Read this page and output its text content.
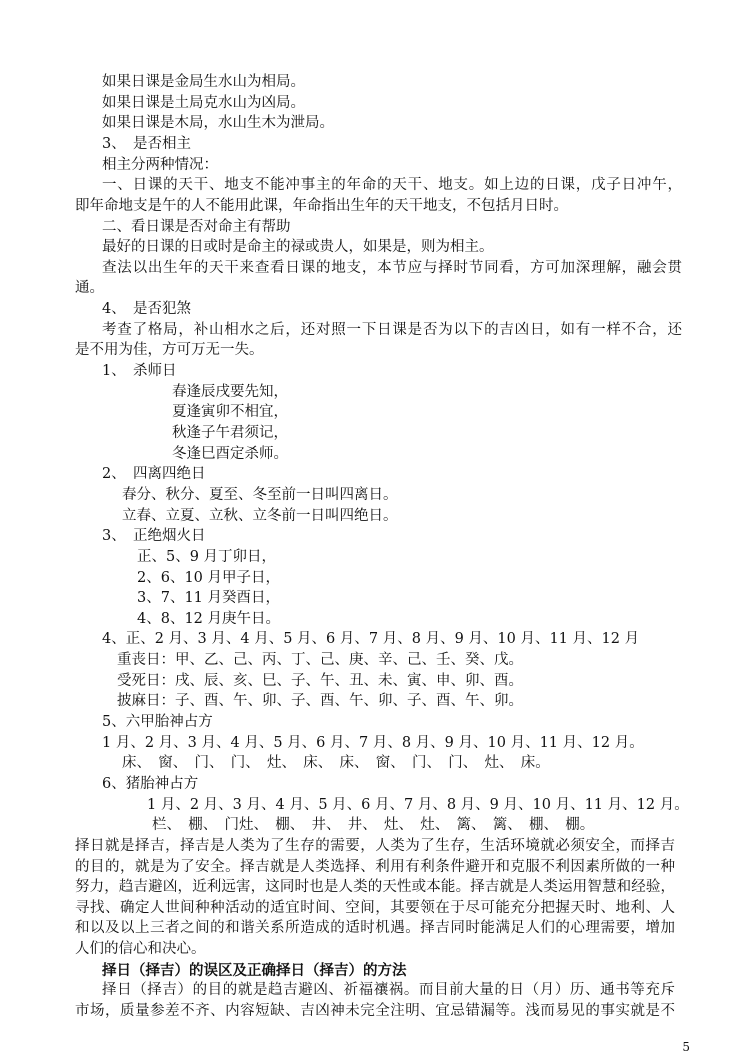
如果日课是金局生水山为相局。
如果日课是土局克水山为凶局。
如果日课是木局，水山生木为泄局。
3、　是否相主
相主分两种情况：
一、日课的天干、地支不能冲事主的年命的天干、地支。如上边的日课，戊子日冲午，
即年命地支是午的人不能用此课，年命指出生年的天干地支，不包括月日时。
二、看日课是否对命主有帮助
最好的日课的日或时是命主的禄或贵人，如果是，则为相主。
查法以出生年的天干来查看日课的地支，本节应与择时节同看，方可加深理解，融会贯
通。
4、　是否犯煞
考查了格局，补山相水之后，还对照一下日课是否为以下的吉凶日，如有一样不合，还
是不用为佳，方可万无一失。
1、　杀师日
春逢辰戌要先知，
夏逢寅卯不相宜，
秋逢子午君须记，
冬逢巳酉定杀师。
2、　四离四绝日
春分、秋分、夏至、冬至前一日叫四离日。
立春、立夏、立秋、立冬前一日叫四绝日。
3、　正绝烟火日
正、5、9 月丁卯日，
2、6、10 月甲子日，
3、7、11 月癸酉日，
4、8、12 月庚午日。
4、正、2 月、3 月、4 月、5 月、6 月、7 月、8 月、9 月、10 月、11 月、12 月
重丧日：甲、乙、己、丙、丁、己、庚、辛、己、壬、癸、戊。
受死日：戌、辰、亥、巳、子、午、丑、未、寅、申、卯、酉。
披麻日：子、酉、午、卯、子、酉、午、卯、子、酉、午、卯。
5、六甲胎神占方
1 月、2 月、3 月、4 月、5 月、6 月、7 月、8 月、9 月、10 月、11 月、12 月。
床、　窗、　门、　门、　灶、　床、　床、　窗、　门、　门、　灶、　床。
6、猪胎神占方
1 月、2 月、3 月、4 月、5 月、6 月、7 月、8 月、9 月、10 月、11 月、12 月。
栏、　棚、　门灶、　棚、　井、　井、　灶、　灶、　篱、　篱、　棚、　棚。
择日就是择吉，择吉是人类为了生存的需要，人类为了生存，生活环境就必须安全，而择吉
的目的，就是为了安全。择吉就是人类选择、利用有利条件避开和克服不利因素所做的一种
努力，趋吉避凶，近利远害，这同时也是人类的天性或本能。择吉就是人类运用智慧和经验，
寻找、确定人世间种种活动的适宜时间、空间，其要领在于尽可能充分把握天时、地利、人
和以及以上三者之间的和谐关系所造成的适时机遇。择吉同时能满足人们的心理需要，增加
人们的信心和决心。
择日（择吉）的误区及正确择日（择吉）的方法
择日（择吉）的目的就是趋吉避凶、祈福禳祸。而目前大量的日（月）历、通书等充斥
市场，质量参差不齐、内容短缺、吉凶神未完全注明、宜忌错漏等。浅而易见的事实就是不
5
